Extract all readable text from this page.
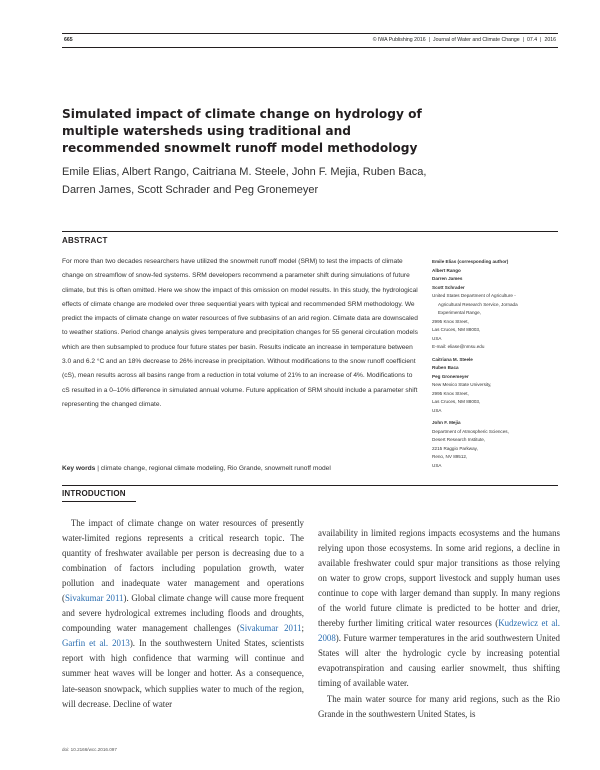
665	© IWA Publishing 2016 | Journal of Water and Climate Change | 07.4 | 2016
Simulated impact of climate change on hydrology of multiple watersheds using traditional and recommended snowmelt runoff model methodology
Emile Elias, Albert Rango, Caitriana M. Steele, John F. Mejia, Ruben Baca, Darren James, Scott Schrader and Peg Gronemeyer
ABSTRACT

For more than two decades researchers have utilized the snowmelt runoff model (SRM) to test the impacts of climate change on streamflow of snow-fed systems. SRM developers recommend a parameter shift during simulations of future climate, but this is often omitted. Here we show the impact of this omission on model results. In this study, the hydrological effects of climate change are modeled over three sequential years with typical and recommended SRM methodology. We predict the impacts of climate change on water resources of five subbasins of an arid region. Climate data are downscaled to weather stations. Period change analysis gives temperature and precipitation changes for 55 general circulation models which are then subsampled to produce four future states per basin. Results indicate an increase in temperature between 3.0 and 6.2 °C and an 18% decrease to 26% increase in precipitation. Without modifications to the snow runoff coefficient (cS), mean results across all basins range from a reduction in total volume of 21% to an increase of 4%. Modifications to cS resulted in a 0–10% difference in simulated annual volume. Future application of SRM should include a parameter shift representing the changed climate.

Key words | climate change, regional climate modeling, Rio Grande, snowmelt runoff model
Emile Elias (corresponding author)
Albert Rango
Darren James
Scott Schrader
United States Department of Agriculture -
Agricultural Research Service, Jornada
Experimental Range,
2995 Knox Street,
Las Cruces, NM 88003,
USA
E-mail: eliase@nmsu.edu
Caitriana M. Steele
Ruben Baca
Peg Gronemeyer
New Mexico State University,
2995 Knox Street,
Las Cruces, NM 88003,
USA
John F. Mejia
Department of Atmospheric Sciences,
Desert Research Institute,
2215 Raggio Parkway,
Reno, NV 89512,
USA
INTRODUCTION

 The impact of climate change on water resources of presently water-limited regions represents a critical research topic. The quantity of freshwater available per person is decreasing due to a combination of factors including population growth, water pollution and inadequate water management and operations (Sivakumar 2011). Global climate change will cause more frequent and severe hydrological extremes including floods and droughts, compounding water management challenges (Sivakumar 2011; Garfin et al. 2013). In the southwestern United States, scientists report with high confidence that warming will continue and summer heat waves will be longer and hotter. As a consequence, late-season snowpack, which supplies water to much of the region, will decrease. Decline of water

availability in limited regions impacts ecosystems and the humans relying upon those ecosystems. In some arid regions, a decline in available freshwater could spur major transitions as those relying on water to grow crops, support livestock and supply human uses continue to cope with larger demand than supply. In many regions of the world future climate is predicted to be hotter and drier, thereby further limiting critical water resources (Kudzewicz et al. 2008). Future warmer temperatures in the arid southwestern United States will alter the hydrologic cycle by increasing potential evapotranspiration and causing earlier snowmelt, thus shifting timing of available water.
 The main water source for many arid regions, such as the Rio Grande in the southwestern United States, is

doi: 10.2166/wcc.2016.097
